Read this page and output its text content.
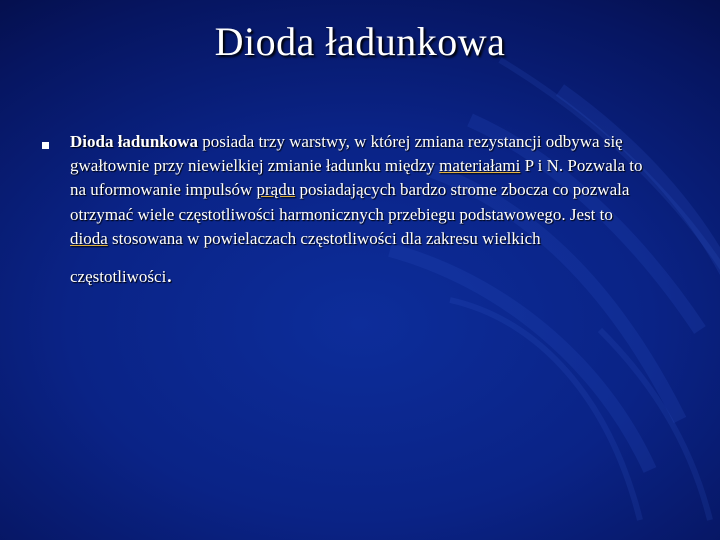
Dioda ładunkowa
Dioda ładunkowa posiada trzy warstwy, w której zmiana rezystancji odbywa się gwałtownie przy niewielkiej zmianie ładunku między materiałami P i N. Pozwala to na uformowanie impulsów prądu posiadających bardzo strome zbocza co pozwala otrzymać wiele częstotliwości harmonicznych przebiegu podstawowego. Jest to dioda stosowana w powielaczach częstotliwości dla zakresu wielkich
częstotliwości.
